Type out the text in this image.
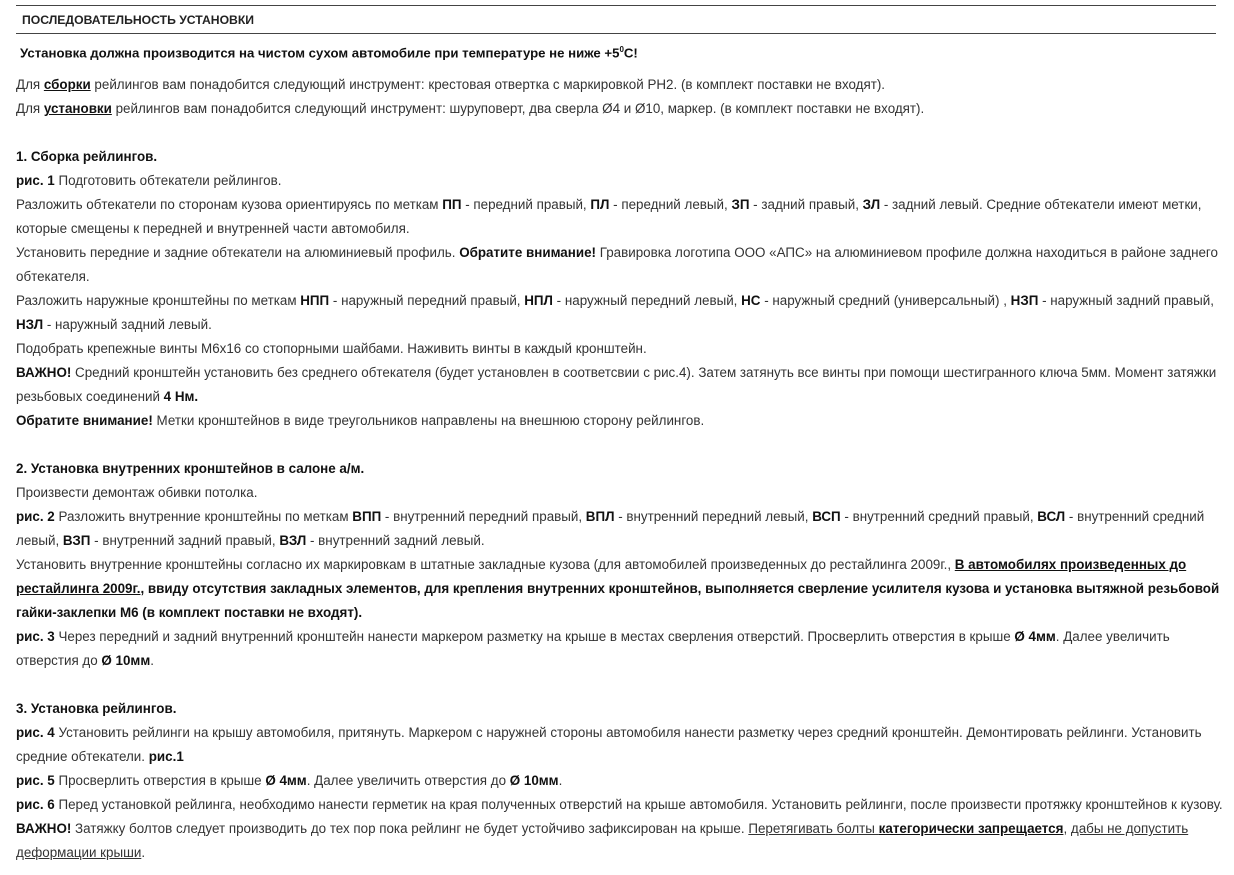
ПОСЛЕДОВАТЕЛЬНОСТЬ УСТАНОВКИ
Установка должна производится на чистом сухом автомобиле при температуре не ниже $+5^0С$!

Для сборки рейлингов вам понадобится следующий инструмент: крестовая отвертка с маркировкой PH2. (в комплект поставки не входят).

Для установки рейлингов вам понадобится следующий инструмент: шуруповерт, два сверла Ø4 и Ø10, маркер. (в комплект поставки не входят).

1. Сборка рейлингов.

рис. 1 Подготовить обтекатели рейлингов.

Разложить обтекатели по сторонам кузова ориентируясь по меткам ПП - передний правый, ПЛ - передний левый, ЗП - задний правый, ЗЛ - задний левый. Средние обтекатели имеют метки,

которые смещены к передней и внутренней части автомобиля.

Установить передние и задние обтекатели на алюминиевый профиль. Обратите внимание! Гравировка логотипа ООО «АПС» на алюминиевом профиле должна находиться в районе заднего

обтекателя.

Разложить наружные кронштейны по меткам НПП - наружный передний правый, НПЛ - наружный передний левый, НС - наружный средний (универсальный) , НЗП - наружный задний правый,

НЗЛ - наружный задний левый.

Подобрать крепежные винты М6х16 со стопорными шайбами. Наживить винты в каждый кронштейн.

ВАЖНО! Средний кронштейн установить без среднего обтекателя (будет установлен в соответсвии с рис.4). Затем затянуть все винты при помощи шестигранного ключа 5мм. Момент затяжки

резьбовых соединений 4 Нм.

Обратите внимание! Метки кронштейнов в виде треугольников направлены на внешнюю сторону рейлингов.

2. Установка внутренних кронштейнов в салоне а/м.

Произвести демонтаж обивки потолка.

рис. 2 Разложить внутренние кронштейны по меткам ВПП - внутренний передний правый, ВПЛ - внутренний передний левый, ВСП - внутренний средний правый, ВСЛ - внутренний средний

левый, ВЗП - внутренний задний правый, ВЗЛ - внутренний задний левый.

Установить внутренние кронштейны согласно их маркировкам в штатные закладные кузова (для автомобилей произведенных до рестайлинга 2009г., В автомобилях произведенных до

рестайлинга 2009г., ввиду отсутствия закладных элементов, для крепления внутренних кронштейнов, выполняется сверление усилителя кузова и установка вытяжной резьбовой

гайки-заклепки М6 (в комплект поставки не входят).

рис. 3 Через передний и задний внутренний кронштейн нанести маркером разметку на крыше в местах сверления отверстий. Просверлить отверстия в крыше Ø 4мм. Далее увеличить

отверстия до Ø 10мм.

3. Установка рейлингов.

рис. 4 Установить рейлинги на крышу автомобиля, притянуть. Маркером с наружней стороны автомобиля нанести разметку через средний кронштейн. Демонтировать рейлинги. Установить

средние обтекатели. рис.1

рис. 5 Просверлить отверстия в крыше Ø 4мм. Далее увеличить отверстия до Ø 10мм.

рис. 6 Перед установкой рейлинга, необходимо нанести герметик на края полученных отверстий на крыше автомобиля. Установить рейлинги, после произвести протяжку кронштейнов к кузову.

ВАЖНО! Затяжку болтов следует производить до тех пор пока рейлинг не будет устойчиво зафиксирован на крыше. Перетягивать болты категорически запрещается, дабы не допустить

деформации крыши.
